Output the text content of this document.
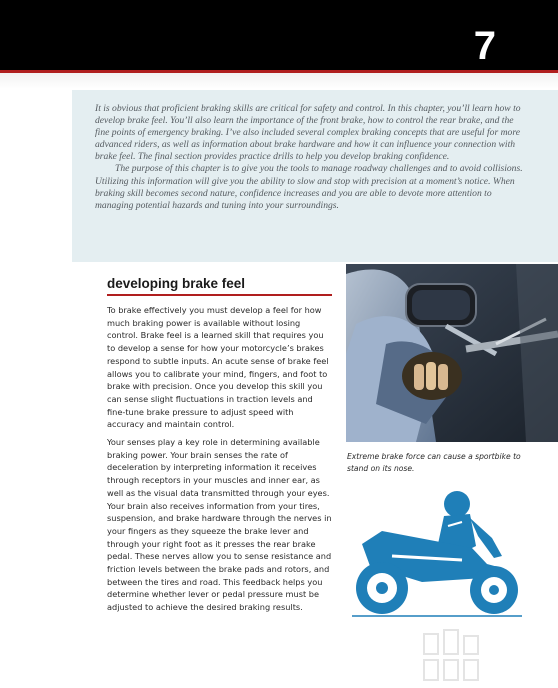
7

It is obvious that proficient braking skills are critical for safety and control. In this chapter, you’ll learn how to develop brake feel. You’ll also learn the importance of the front brake, how to control the rear brake, and the fine points of emergency braking. I’ve also included several complex braking concepts that are useful for more advanced riders, as well as information about brake hardware and how it can influence your connection with brake feel. The final section provides practice drills to help you develop braking confidence.

The purpose of this chapter is to give you the tools to manage roadway challenges and to avoid collisions. Utilizing this information will give you the ability to slow and stop with precision at a moment’s notice. When braking skill becomes second nature, confidence increases and you are able to devote more attention to managing potential hazards and tuning into your surroundings.

developing brake feel

To brake effectively you must develop a feel for how much braking power is available without losing control. Brake feel is a learned skill that requires you to develop a sense for how your motorcycle’s brakes respond to subtle inputs. An acute sense of brake feel allows you to calibrate your mind, fingers, and foot to brake with precision. Once you develop this skill you can sense slight fluctuations in traction levels and fine-tune brake pressure to adjust speed with accuracy and maintain control.

Your senses play a key role in determining available braking power. Your brain senses the rate of deceleration by interpreting information it receives through receptors in your muscles and inner ear, as well as the visual data transmitted through your eyes. Your brain also receives information from your tires, suspension, and brake hardware through the nerves in your fingers as they squeeze the brake lever and through your right foot as it presses the rear brake pedal. These nerves allow you to sense resistance and friction levels between the brake pads and rotors, and between the tires and road. This feedback helps you determine whether lever or pedal pressure must be adjusted to achieve the desired braking results.

Extreme brake force can cause a sportbike to stand on its nose.
